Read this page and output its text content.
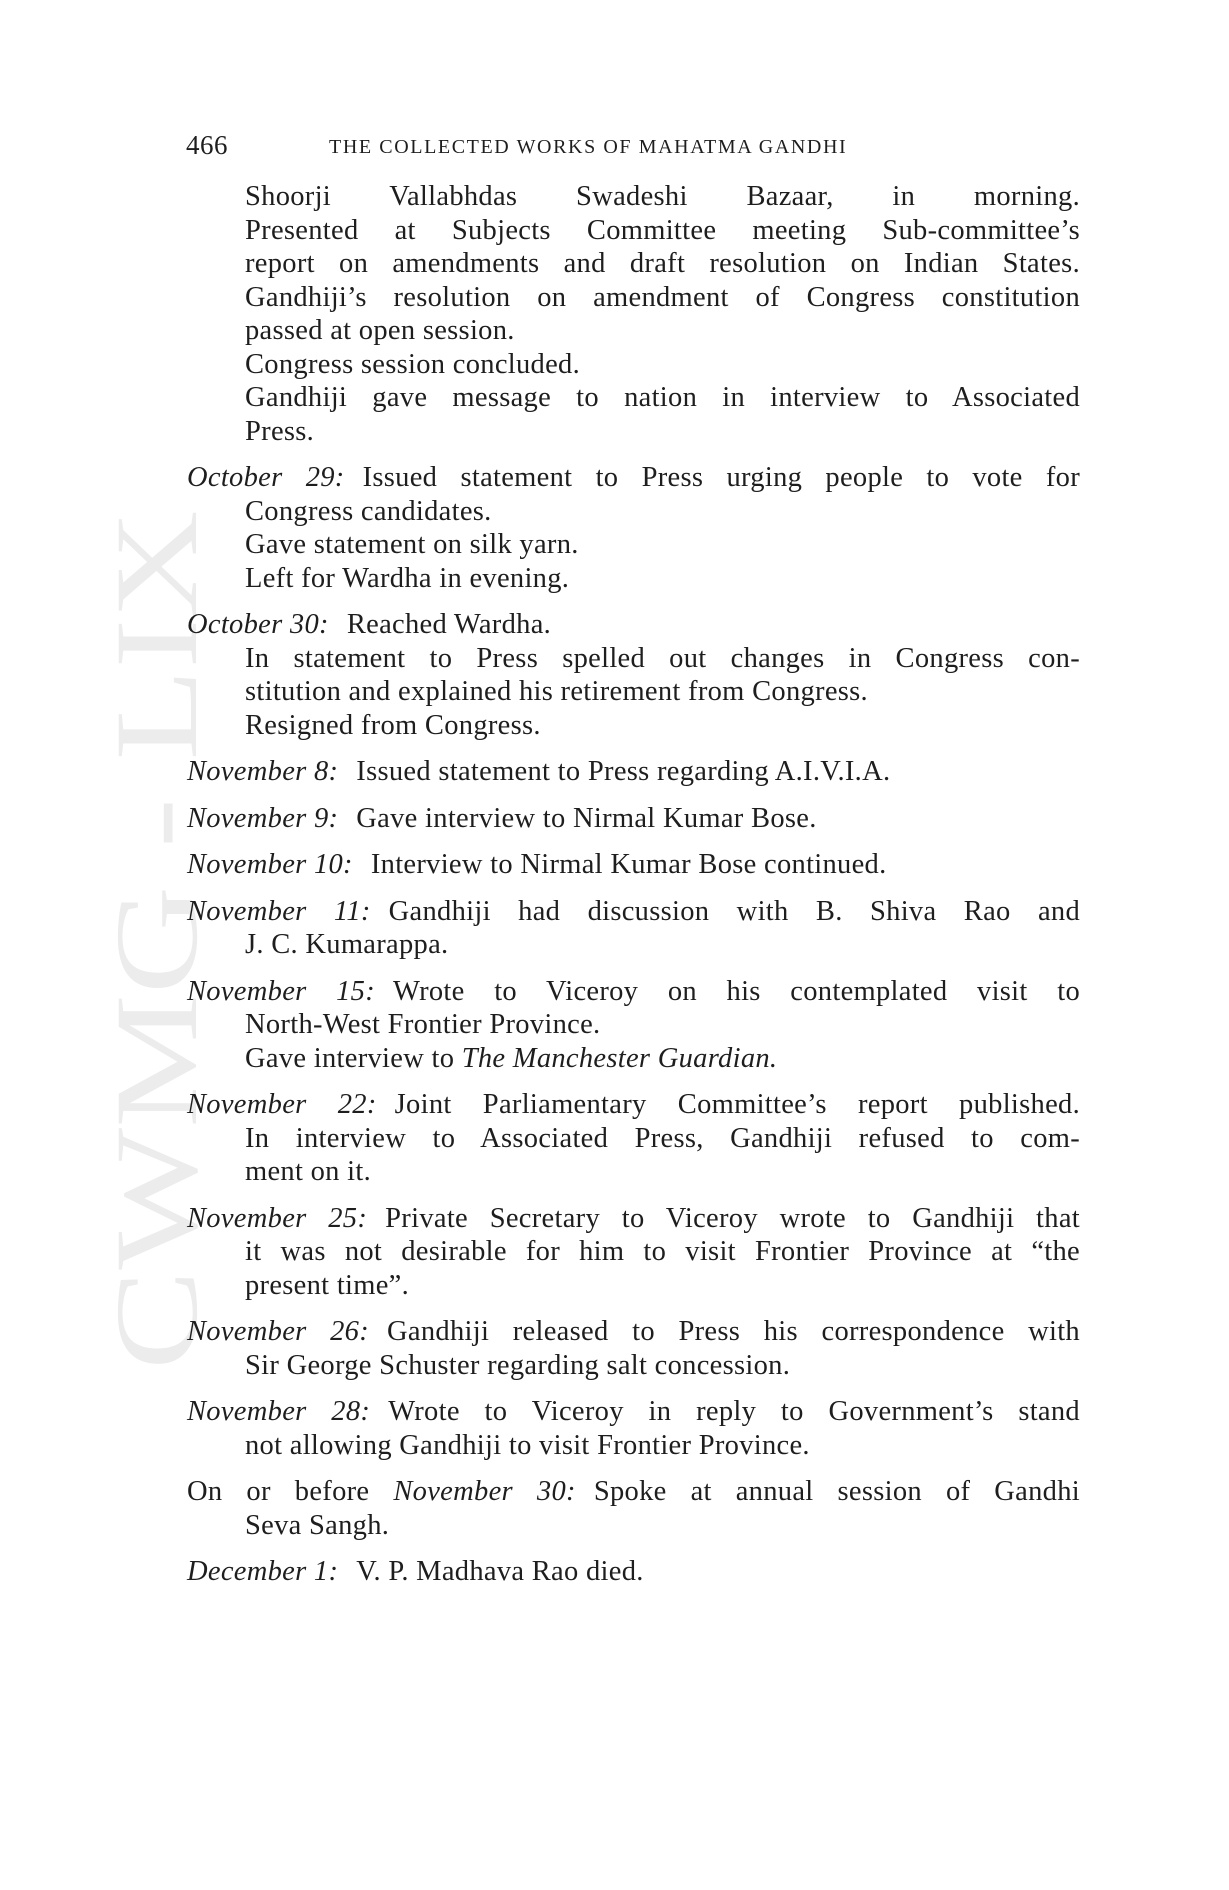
CWMG - LIX
466	THE COLLECTED WORKS OF MAHATMA GANDHI
Shoorji Vallabhdas Swadeshi Bazaar, in morning.
Presented at Subjects Committee meeting Sub-committee’s
report on amendments and draft resolution on Indian States.
Gandhiji’s resolution on amendment of Congress constitution
passed at open session.
Congress session concluded.
Gandhiji gave message to nation in interview to Associated
Press.
October 29: Issued statement to Press urging people to vote for
Congress candidates.
Gave statement on silk yarn.
Left for Wardha in evening.
October 30: Reached Wardha.
In statement to Press spelled out changes in Congress con-
stitution and explained his retirement from Congress.
Resigned from Congress.
November 8: Issued statement to Press regarding A.I.V.I.A.
November 9: Gave interview to Nirmal Kumar Bose.
November 10: Interview to Nirmal Kumar Bose continued.
November 11: Gandhiji had discussion with B. Shiva Rao and
J. C. Kumarappa.
November 15: Wrote to Viceroy on his contemplated visit to
North-West Frontier Province.
Gave interview to The Manchester Guardian.
November 22: Joint Parliamentary Committee’s report published.
In interview to Associated Press, Gandhiji refused to com-
ment on it.
November 25: Private Secretary to Viceroy wrote to Gandhiji that
it was not desirable for him to visit Frontier Province at “the
present time”.
November 26: Gandhiji released to Press his correspondence with
Sir George Schuster regarding salt concession.
November 28: Wrote to Viceroy in reply to Government’s stand
not allowing Gandhiji to visit Frontier Province.
On or before November 30: Spoke at annual session of Gandhi
Seva Sangh.
December 1: V. P. Madhava Rao died.
